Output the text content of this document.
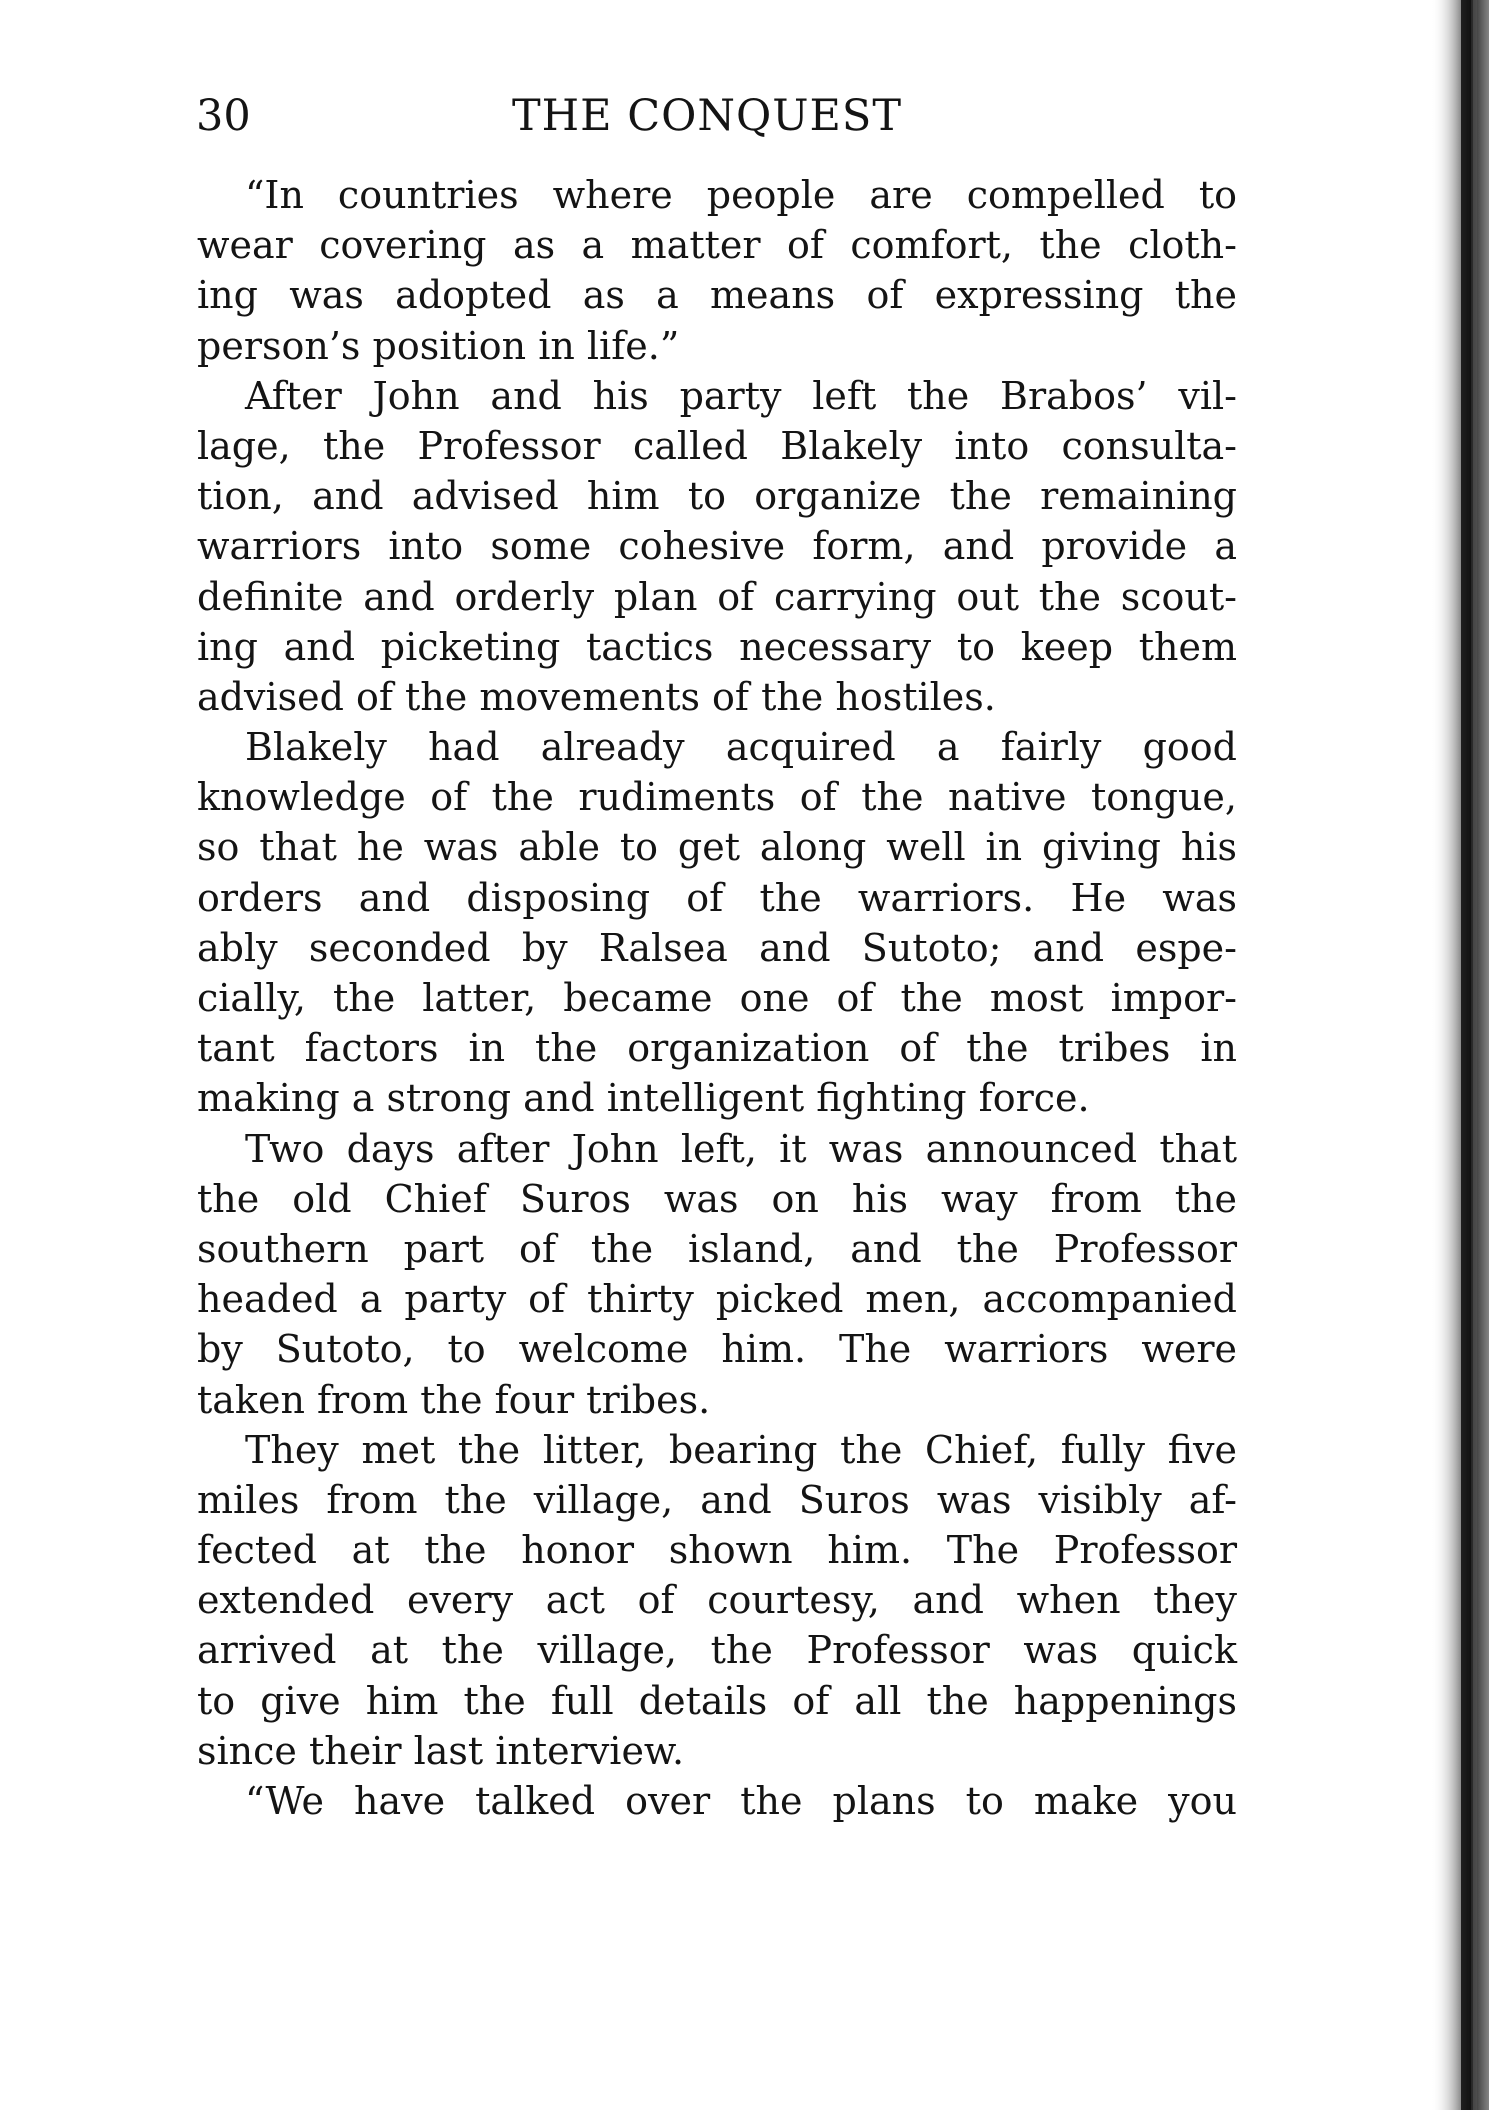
30	THE CONQUEST
“In countries where people are compelled to
wear covering as a matter of comfort, the cloth-
ing was adopted as a means of expressing the
person’s position in life.”
After John and his party left the Brabos’ vil-
lage, the Professor called Blakely into consulta-
tion, and advised him to organize the remaining
warriors into some cohesive form, and provide a
definite and orderly plan of carrying out the scout-
ing and picketing tactics necessary to keep them
advised of the movements of the hostiles.
Blakely had already acquired a fairly good
knowledge of the rudiments of the native tongue,
so that he was able to get along well in giving his
orders and disposing of the warriors. He was
ably seconded by Ralsea and Sutoto; and espe-
cially, the latter, became one of the most impor-
tant factors in the organization of the tribes in
making a strong and intelligent fighting force.
Two days after John left, it was announced that
the old Chief Suros was on his way from the
southern part of the island, and the Professor
headed a party of thirty picked men, accompanied
by Sutoto, to welcome him. The warriors were
taken from the four tribes.
They met the litter, bearing the Chief, fully five
miles from the village, and Suros was visibly af-
fected at the honor shown him. The Professor
extended every act of courtesy, and when they
arrived at the village, the Professor was quick
to give him the full details of all the happenings
since their last interview.
“We have talked over the plans to make you
